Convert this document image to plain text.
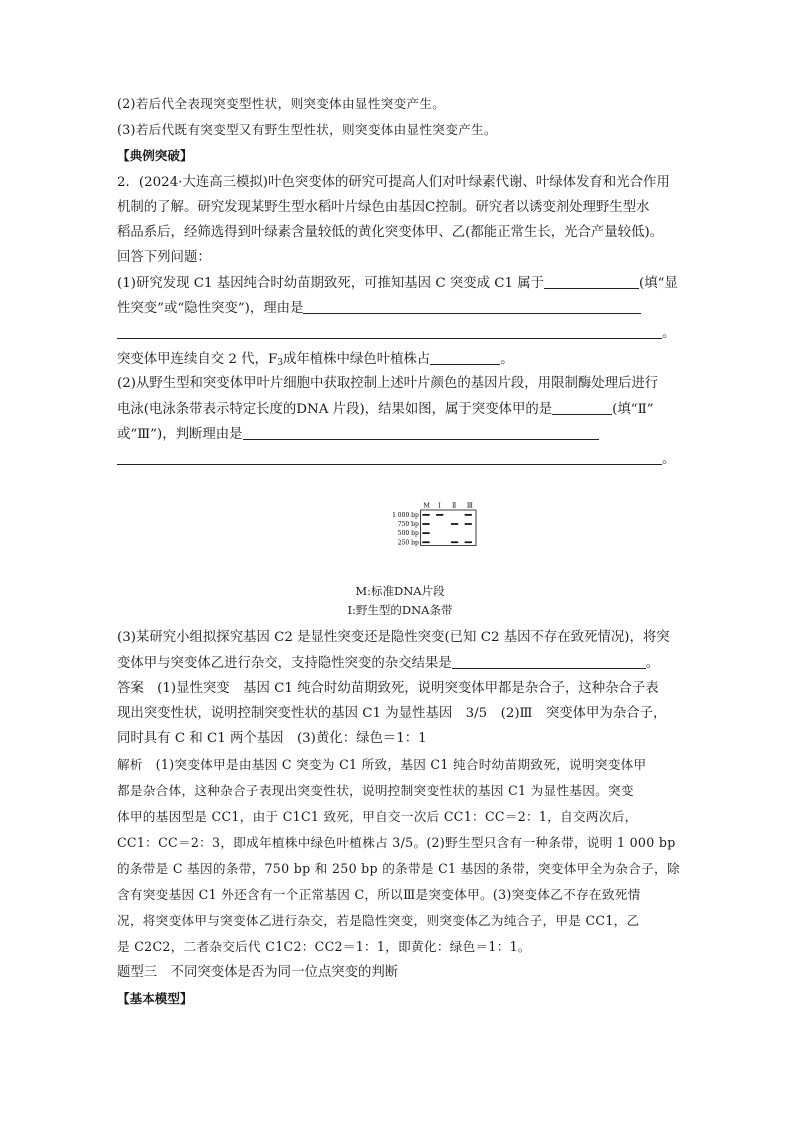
(2)若后代全表现突变型性状，则突变体由显性突变产生。
(3)若后代既有突变型又有野生型性状，则突变体由显性突变产生。
【典例突破】
2．(2024·大连高三模拟)叶色突变体的研究可提高人们对叶绿素代谢、叶绿体发育和光合作用
机制的了解。研究发现某野生型水稻叶片绿色由基因C控制。研究者以诱变剂处理野生型水
稻品系后，经筛选得到叶绿素含量较低的黄化突变体甲、乙(都能正常生长，光合产量较低)。
回答下列问题：
(1)研究发现 C1 基因纯合时幼苗期致死，可推知基因 C 突变成 C1 属于	(填“显
性突变”或“隐性突变”)，理由是
。
突变体甲连续自交 2 代，$F_3$成年植株中绿色叶植株占	。
(2)从野生型和突变体甲叶片细胞中获取控制上述叶片颜色的基因片段，用限制酶处理后进行
电泳(电泳条带表示特定长度的DNA 片段)，结果如图，属于突变体甲的是	(填“Ⅱ”
或“Ⅲ”)，判断理由是
。
M Ⅰ Ⅱ Ⅲ
1 000 bp
750 bp
500 bp
250 bp
M:标准DNA片段
Ⅰ:野生型的DNA条带
(3)某研究小组拟探究基因 C2 是显性突变还是隐性突变(已知 C2 基因不存在致死情况)，将突
变体甲与突变体乙进行杂交，支持隐性突变的杂交结果是	。
答案　(1)显性突变　基因 C1 纯合时幼苗期致死，说明突变体甲都是杂合子，这种杂合子表
现出突变性状，说明控制突变性状的基因 C1 为显性基因　3/5　(2)Ⅲ　突变体甲为杂合子，
同时具有 C 和 C1 两个基因　(3)黄化：绿色＝1：1
解析　(1)突变体甲是由基因 C 突变为 C1 所致，基因 C1 纯合时幼苗期致死，说明突变体甲
都是杂合体，这种杂合子表现出突变性状，说明控制突变性状的基因 C1 为显性基因。突变
体甲的基因型是 CC1，由于 C1C1 致死，甲自交一次后 CC1：CC＝2：1，自交两次后，
CC1：CC＝2：3，即成年植株中绿色叶植株占 3/5。(2)野生型只含有一种条带，说明 1 000 bp
的条带是 C 基因的条带，750 bp 和 250 bp 的条带是 C1 基因的条带，突变体甲全为杂合子，除
含有突变基因 C1 外还含有一个正常基因 C，所以Ⅲ是突变体甲。(3)突变体乙不存在致死情
况，将突变体甲与突变体乙进行杂交，若是隐性突变，则突变体乙为纯合子，甲是 CC1，乙
是 C2C2，二者杂交后代 C1C2：CC2＝1：1，即黄化：绿色＝1：1。
题型三　不同突变体是否为同一位点突变的判断
【基本模型】
